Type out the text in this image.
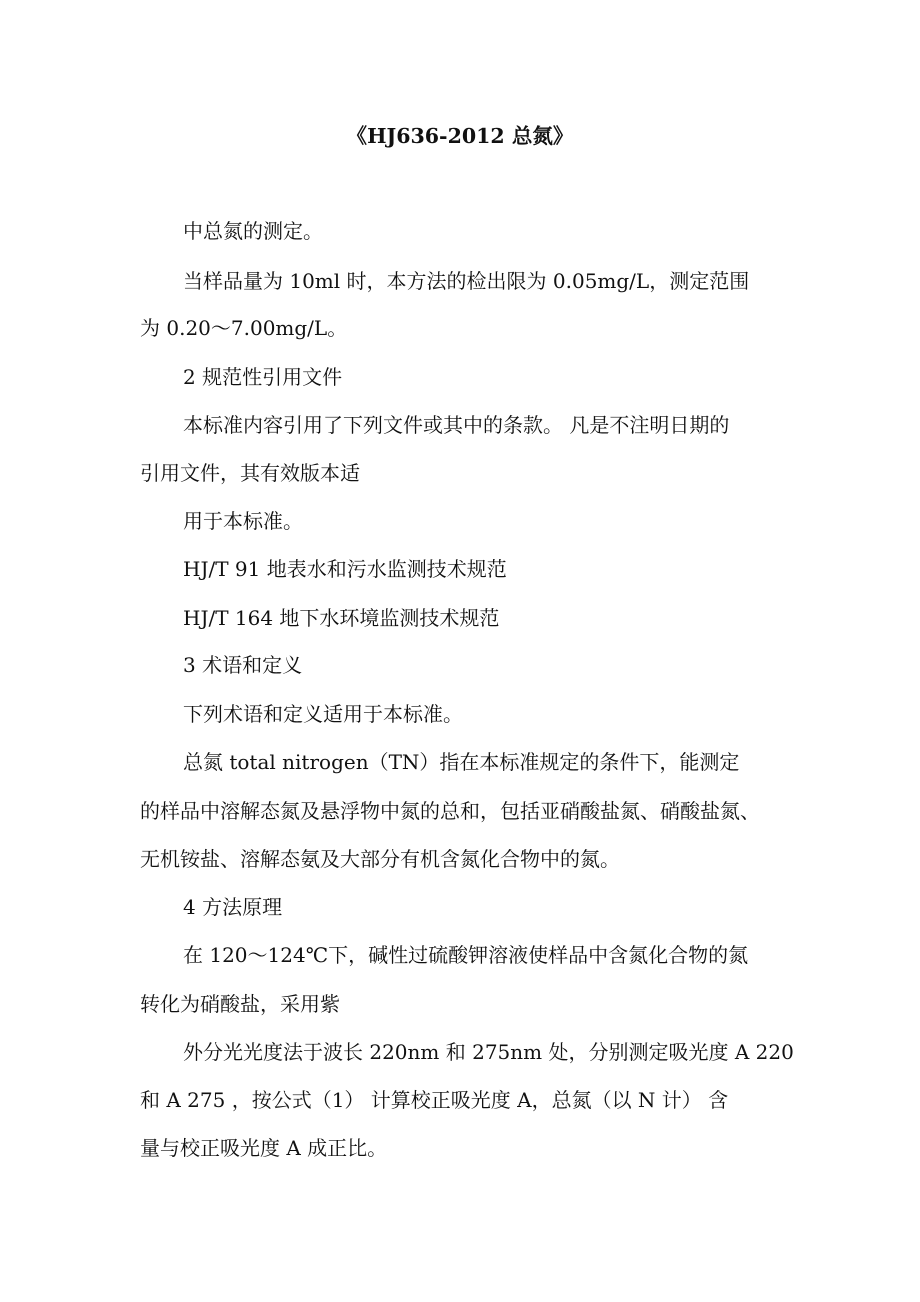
《HJ636-2012 总氮》
中总氮的测定。
当样品量为 10ml 时，本方法的检出限为 0.05mg/L，测定范围
为 0.20～7.00mg/L。
2 规范性引用文件
本标准内容引用了下列文件或其中的条款。 凡是不注明日期的
引用文件，其有效版本适
用于本标准。
HJ/T 91 地表水和污水监测技术规范
HJ/T 164 地下水环境监测技术规范
3 术语和定义
下列术语和定义适用于本标准。
总氮 total nitrogen（TN）指在本标准规定的条件下，能测定
的样品中溶解态氮及悬浮物中氮的总和，包括亚硝酸盐氮、硝酸盐氮、
无机铵盐、溶解态氨及大部分有机含氮化合物中的氮。
4 方法原理
在 120～124℃下，碱性过硫酸钾溶液使样品中含氮化合物的氮
转化为硝酸盐，采用紫
外分光光度法于波长 220nm 和 275nm 处，分别测定吸光度 A 220
和 A 275 ，按公式（1） 计算校正吸光度 A，总氮（以 N 计） 含
量与校正吸光度 A 成正比。
